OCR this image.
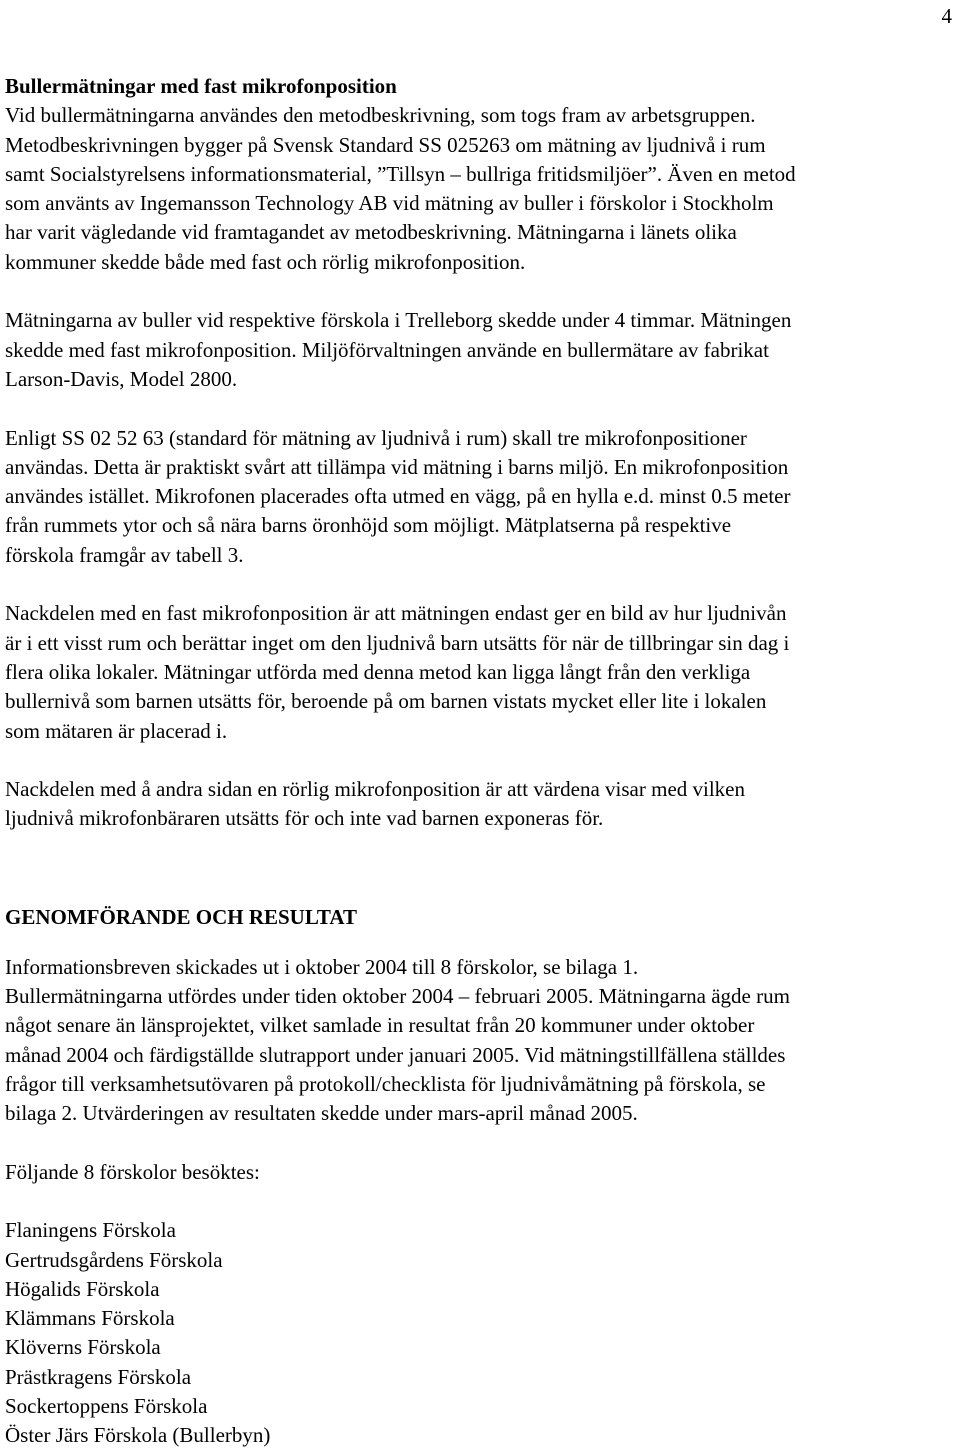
4
Bullermätningar med fast mikrofonposition
Vid bullermätningarna användes den metodbeskrivning, som togs fram av arbetsgruppen.
Metodbeskrivningen bygger på Svensk Standard SS 025263 om mätning av ljudnivå i rum
samt Socialstyrelsens informationsmaterial, ”Tillsyn – bullriga fritidsmiljöer”. Även en metod
som använts av Ingemansson Technology AB vid mätning av buller i förskolor i Stockholm
har varit vägledande vid framtagandet av metodbeskrivning. Mätningarna i länets olika
kommuner skedde både med fast och rörlig mikrofonposition.
Mätningarna av buller vid respektive förskola i Trelleborg skedde under 4 timmar. Mätningen
skedde med fast mikrofonposition. Miljöförvaltningen använde en bullermätare av fabrikat
Larson-Davis, Model 2800.
Enligt SS 02 52 63 (standard för mätning av ljudnivå i rum) skall tre mikrofonpositioner
användas. Detta är praktiskt svårt att tillämpa vid mätning i barns miljö. En mikrofonposition
användes istället. Mikrofonen placerades ofta utmed en vägg, på en hylla e.d. minst 0.5 meter
från rummets ytor och så nära barns öronhöjd som möjligt. Mätplatserna på respektive
förskola framgår av tabell 3.
Nackdelen med en fast mikrofonposition är att mätningen endast ger en bild av hur ljudnivån
är i ett visst rum och berättar inget om den ljudnivå barn utsätts för när de tillbringar sin dag i
flera olika lokaler. Mätningar utförda med denna metod kan ligga långt från den verkliga
bullernivå som barnen utsätts för, beroende på om barnen vistats mycket eller lite i lokalen
som mätaren är placerad i.
Nackdelen med å andra sidan en rörlig mikrofonposition är att värdena visar med vilken
ljudnivå mikrofonbäraren utsätts för och inte vad barnen exponeras för.
GENOMFÖRANDE OCH RESULTAT
Informationsbreven skickades ut i oktober 2004 till 8 förskolor, se bilaga 1.
Bullermätningarna utfördes under tiden oktober 2004 – februari 2005. Mätningarna ägde rum
något senare än länsprojektet, vilket samlade in resultat från 20 kommuner under oktober
månad 2004 och färdigställde slutrapport under januari 2005. Vid mätningstillfällena ställdes
frågor till verksamhetsutövaren på protokoll/checklista för ljudnivåmätning på förskola, se
bilaga 2. Utvärderingen av resultaten skedde under mars-april månad 2005.
Följande 8 förskolor besöktes:
Flaningens Förskola
Gertrudsgårdens Förskola
Högalids Förskola
Klämmans Förskola
Klöverns Förskola
Prästkragens Förskola
Sockertoppens Förskola
Öster Järs Förskola (Bullerbyn)
